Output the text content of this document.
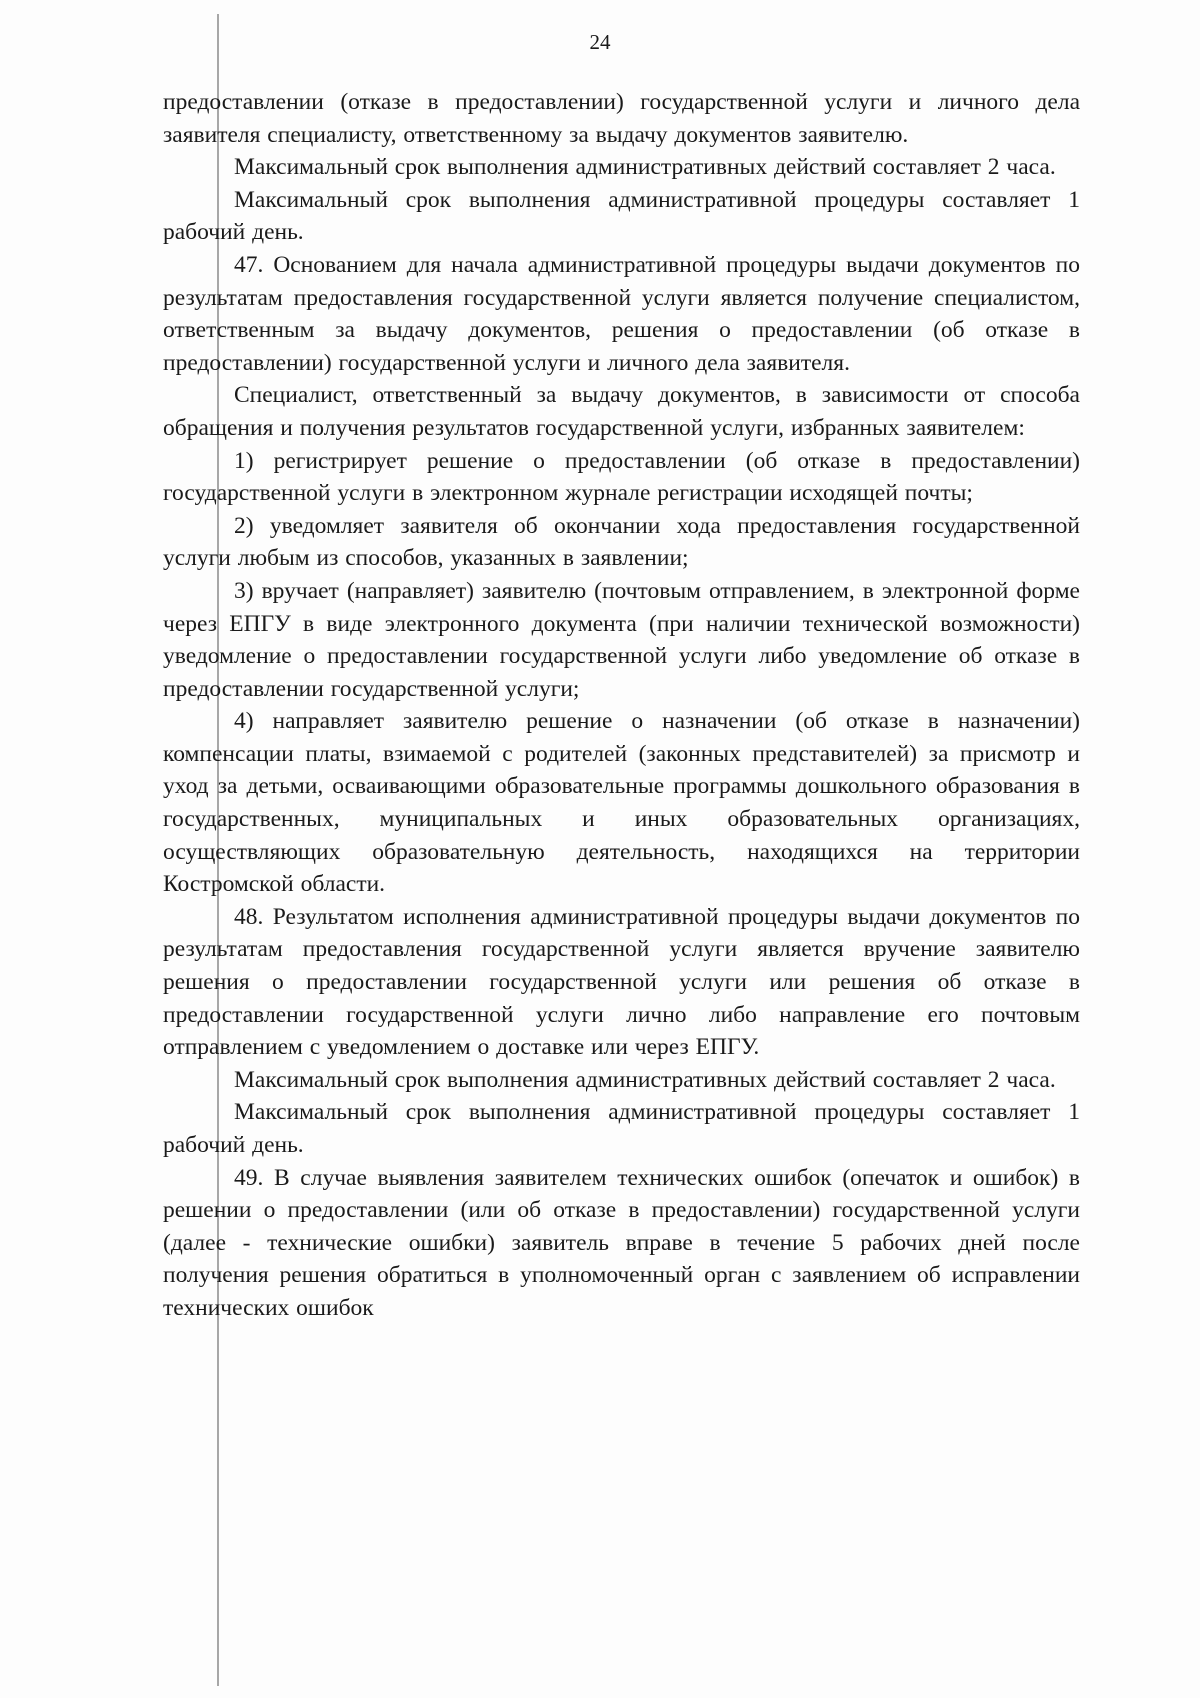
24

предоставлении (отказе в предоставлении) государственной услуги и личного дела заявителя специалисту, ответственному за выдачу документов заявителю.

Максимальный срок выполнения административных действий составляет 2 часа.

Максимальный срок выполнения административной процедуры составляет 1 рабочий день.

47. Основанием для начала административной процедуры выдачи документов по результатам предоставления государственной услуги является получение специалистом, ответственным за выдачу документов, решения о предоставлении (об отказе в предоставлении) государственной услуги и личного дела заявителя.

Специалист, ответственный за выдачу документов, в зависимости от способа обращения и получения результатов государственной услуги, избранных заявителем:

1) регистрирует решение о предоставлении (об отказе в предоставлении) государственной услуги в электронном журнале регистрации исходящей почты;

2) уведомляет заявителя об окончании хода предоставления государственной услуги любым из способов, указанных в заявлении;

3) вручает (направляет) заявителю (почтовым отправлением, в электронной форме через ЕПГУ в виде электронного документа (при наличии технической возможности) уведомление о предоставлении государственной услуги либо уведомление об отказе в предоставлении государственной услуги;

4) направляет заявителю решение о назначении (об отказе в назначении) компенсации платы, взимаемой с родителей (законных представителей) за присмотр и уход за детьми, осваивающими образовательные программы дошкольного образования в государственных, муниципальных и иных образовательных организациях, осуществляющих образовательную деятельность, находящихся на территории Костромской области.

48. Результатом исполнения административной процедуры выдачи документов по результатам предоставления государственной услуги является вручение заявителю решения о предоставлении государственной услуги или решения об отказе в предоставлении государственной услуги лично либо направление его почтовым отправлением с уведомлением о доставке или через ЕПГУ.

Максимальный срок выполнения административных действий составляет 2 часа.

Максимальный срок выполнения административной процедуры составляет 1 рабочий день.

49. В случае выявления заявителем технических ошибок (опечаток и ошибок) в решении о предоставлении (или об отказе в предоставлении) государственной услуги (далее - технические ошибки) заявитель вправе в течение 5 рабочих дней после получения решения обратиться в уполномоченный орган с заявлением об исправлении технических ошибок
